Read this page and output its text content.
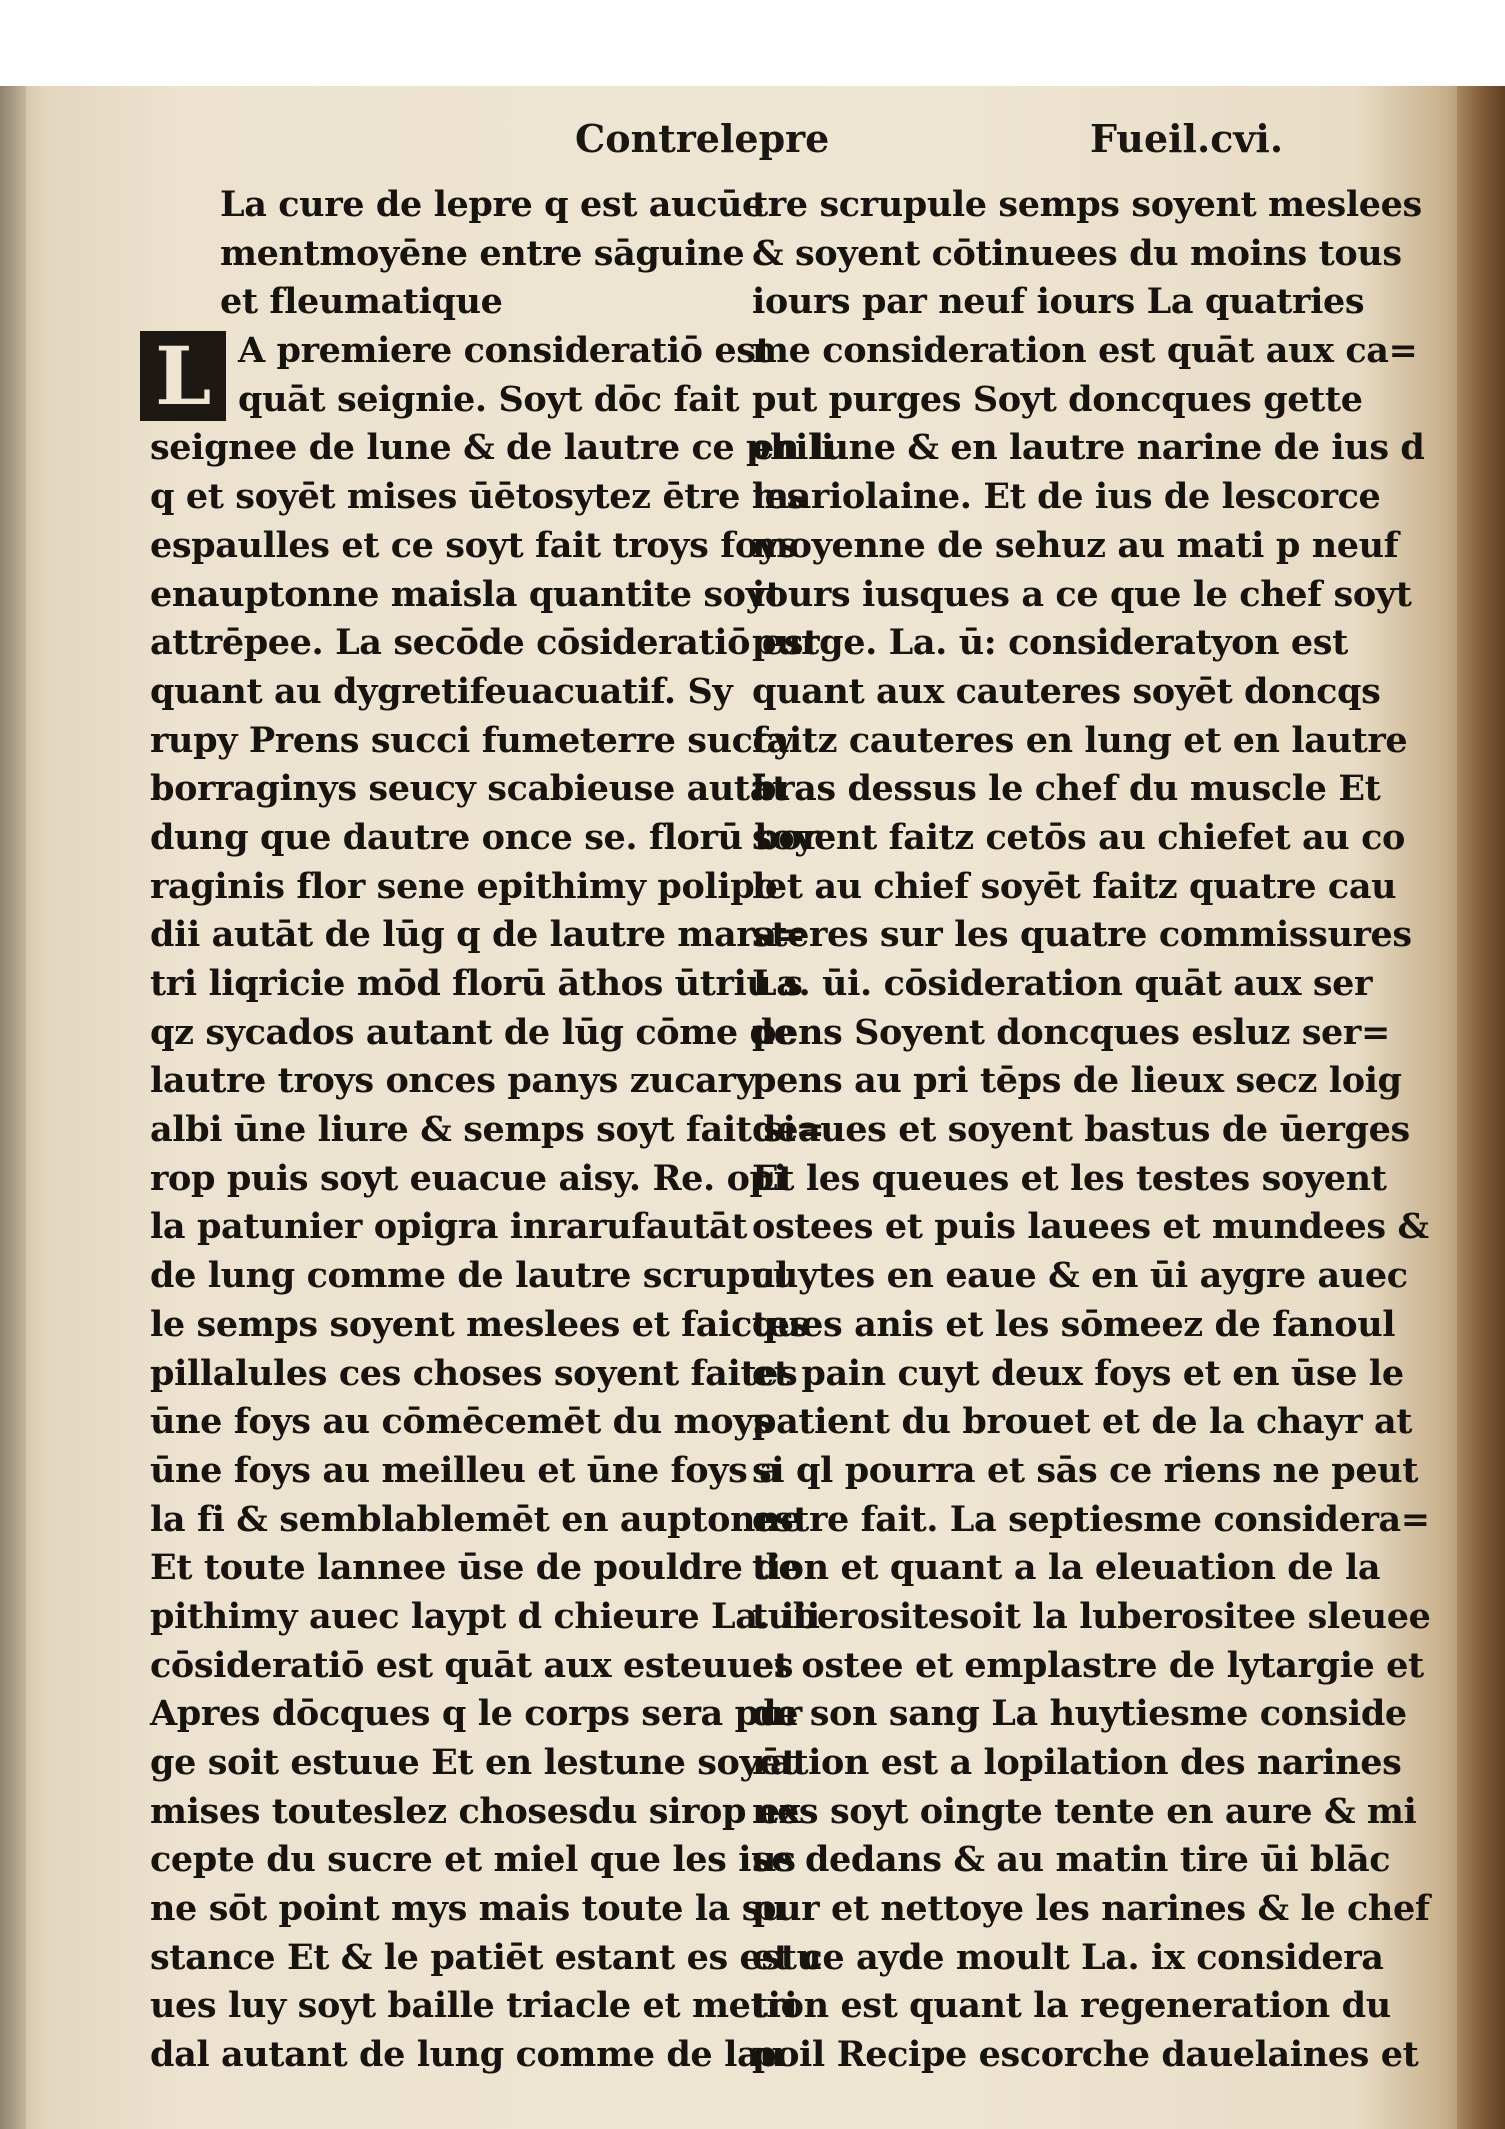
Contrelepre	Fueil.cvi.
La cure de lepre q est aucūe
mentmoyēne entre sāguine
et fleumatique
L A premiere consideratiō est
quāt seignie. Soyt dōc fait
seignee de lune & de lautre ce phili
q et soyēt mises ūētosytez ētre les
espaulles et ce soyt fait troys foys
enauptonne maisla quantite soyt
attrēpee. La secōde cōsideratiō est
quant au dygretifeuacuatif. Sy
rupy Prens succi fumeterre succy
borraginys seucy scabieuse autāt
dung que dautre once se. florū bor
raginis flor sene epithimy polipo
dii autāt de lūg q de lautre mara=
tri liqricie mōd florū āthos ūtriu s
qz sycados autant de lūg cōme de
lautre troys onces panys zucary
albi ūne liure & semps soyt fait si=
rop puis soyt euacue aisy. Re. opi
la patunier opigra inrarufautāt
de lung comme de lautre scrupul
le semps soyent meslees et faictes
pillalules ces choses soyent faites
ūne foys au cōmēcemēt du moys
ūne foys au meilleu et ūne foys a
la fi & semblablemēt en auptonne
Et toute lannee ūse de pouldre de
pithimy auec laypt d chieure La. iii
cōsideratiō est quāt aux esteuues
Apres dōcques q le corps sera pur
ge soit estuue Et en lestune soyēt
mises touteslez chosesdu sirop ex
cepte du sucre et miel que les ius
ne sōt point mys mais toute la su
stance Et & le patiēt estant es estu
ues luy soyt baille triacle et metri
dal autant de lung comme de lau
tre scrupule semps soyent meslees
& soyent cōtinuees du moins tous
iours par neuf iours La quatries
me consideration est quāt aux ca=
put purges Soyt doncques gette
en lune & en lautre narine de ius d
mariolaine. Et de ius de lescorce
moyenne de sehuz au mati p neuf
iours iusques a ce que le chef soyt
purge. La. ū: consideratyon est
quant aux cauteres soyēt doncqs
faitz cauteres en lung et en lautre
bras dessus le chef du muscle Et
soyent faitz cetōs au chiefet au co
let au chief soyēt faitz quatre cau
steres sur les quatre commissures
La. ūi. cōsideration quāt aux ser
pens Soyent doncques esluz ser=
pens au pri tēps de lieux secz loig
deaues et soyent bastus de ūerges
Et les queues et les testes soyent
ostees et puis lauees et mundees &
cuytes en eaue & en ūi aygre auec
ques anis et les sōmeez de fanoul
et pain cuyt deux foys et en ūse le
patient du brouet et de la chayr at
si ql pourra et sās ce riens ne peut
estre fait. La septiesme considera=
tion et quant a la eleuation de la
tuberositesoit la luberositee sleuee
et ostee et emplastre de lytargie et
de son sang La huytiesme conside
ration est a lopilation des narines
nes soyt oingte tente en aure & mi
se dedans & au matin tire ūi blāc
pur et nettoye les narines & le chef
et ce ayde moult La. ix considera
tion est quant la regeneration du
poil Recipe escorche dauelaines et
